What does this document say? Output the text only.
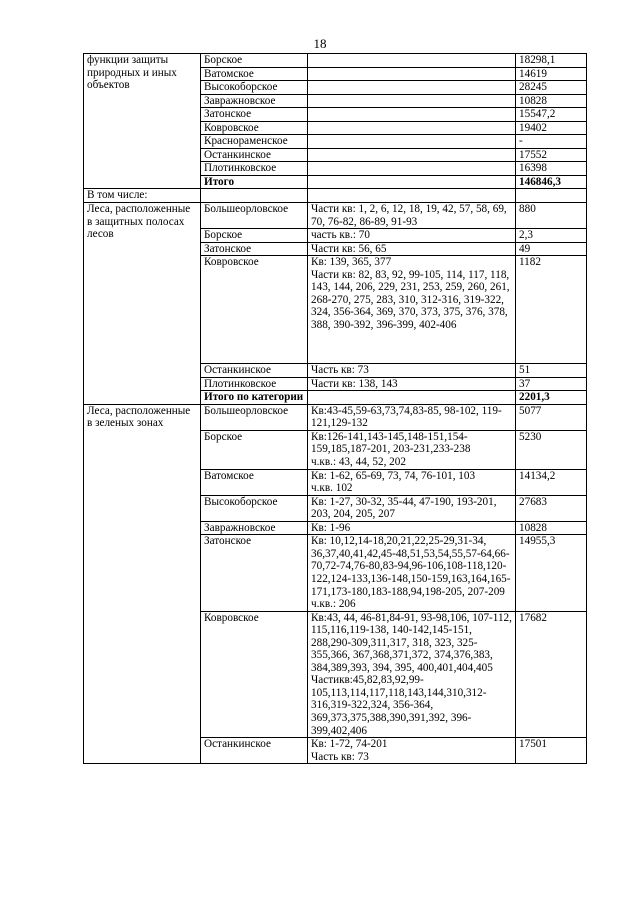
18
функции защиты природных и иных объектов	Борское		18298,1

	Ватомское		14619

	Высокоборское		28245

	Завражновское		10828

	Затонское		15547,2

	Ковровское		19402

	Краснораменское		-

	Останкинское		17552

	Плотинковское		16398

	Итого		146846,3

В том числе:	

Леса, расположенные в защитных полосах лесов	Большеорловское	Части кв: 1, 2, 6, 12, 18, 19, 42, 57, 58, 69, 70, 76-82, 86-89, 91-93	880

	Борское	часть кв.: 70	2,3

	Затонское	Части кв: 56, 65	49

	Ковровское	Кв: 139, 365, 377
Части кв: 82, 83, 92, 99-105, 114, 117, 118, 143, 144, 206, 229, 231, 253, 259, 260, 261, 268-270, 275, 283, 310, 312-316, 319-322, 324, 356-364, 369, 370, 373, 375, 376, 378, 388, 390-392, 396-399, 402-406	1182

	Останкинское	Часть кв: 73	51

	Плотинковское	Части кв: 138, 143	37

	Итого по категории		2201,3

Леса, расположенные в зеленых зонах	Большеорловское	Кв:43-45,59-63,73,74,83-85, 98-102, 119-121,129-132	5077

	Борское	Кв:126-141,143-145,148-151,154-159,185,187-201, 203-231,233-238
ч.кв.: 43, 44, 52, 202	5230

	Ватомское	Кв: 1-62, 65-69, 73, 74, 76-101, 103
ч.кв. 102	14134,2

	Высокоборское	Кв: 1-27, 30-32, 35-44, 47-190, 193-201, 203, 204, 205, 207	27683

	Завражновское	Кв: 1-96	10828

	Затонское	Кв: 10,12,14-18,20,21,22,25-29,31-34, 36,37,40,41,42,45-48,51,53,54,55,57-64,66-70,72-74,76-80,83-94,96-106,108-118,120-122,124-133,136-148,150-159,163,164,165-171,173-180,183-188,94,198-205, 207-209
ч.кв.: 206	14955,3

	Ковровское	Кв:43, 44, 46-81,84-91, 93-98,106, 107-112, 115,116,119-138, 140-142,145-151, 288,290-309,311,317, 318, 323, 325-355,366, 367,368,371,372, 374,376,383, 384,389,393, 394, 395, 400,401,404,405
Частикв:45,82,83,92,99-105,113,114,117,118,143,144,310,312-316,319-322,324, 356-364, 369,373,375,388,390,391,392, 396-399,402,406	17682

	Останкинское	Кв: 1-72, 74-201
Часть кв: 73	17501
